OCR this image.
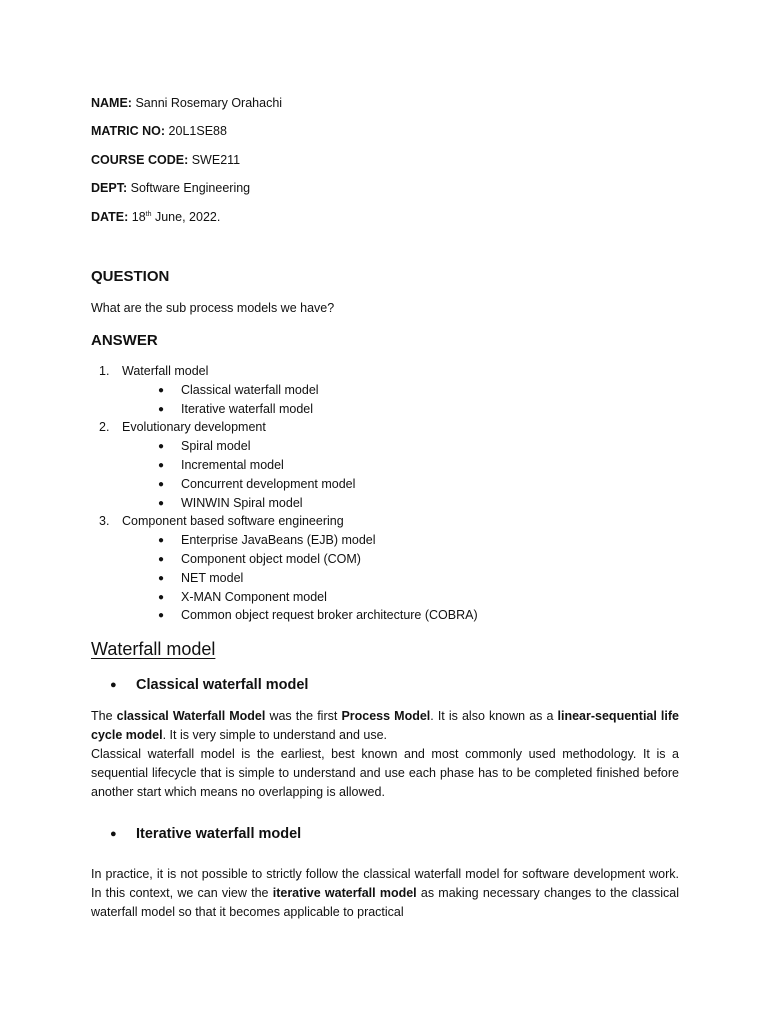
NAME: Sanni Rosemary Orahachi
MATRIC NO: 20L1SE88
COURSE CODE: SWE211
DEPT: Software Engineering
DATE: 18th June, 2022.
QUESTION
What are the sub process models we have?
ANSWER
1. Waterfall model
● Classical waterfall model
● Iterative waterfall model
2. Evolutionary development
● Spiral model
● Incremental model
● Concurrent development model
● WINWIN Spiral model
3. Component based software engineering
● Enterprise JavaBeans (EJB) model
● Component object model (COM)
● NET model
● X-MAN Component model
● Common object request broker architecture (COBRA)
Waterfall model
● Classical waterfall model
The classical Waterfall Model was the first Process Model. It is also known as a linear-sequential life cycle model. It is very simple to understand and use.
Classical waterfall model is the earliest, best known and most commonly used methodology. It is a sequential lifecycle that is simple to understand and use each phase has to be completed finished before another start which means no overlapping is allowed.
● Iterative waterfall model
In practice, it is not possible to strictly follow the classical waterfall model for software development work. In this context, we can view the iterative waterfall model as making necessary changes to the classical waterfall model so that it becomes applicable to practical
